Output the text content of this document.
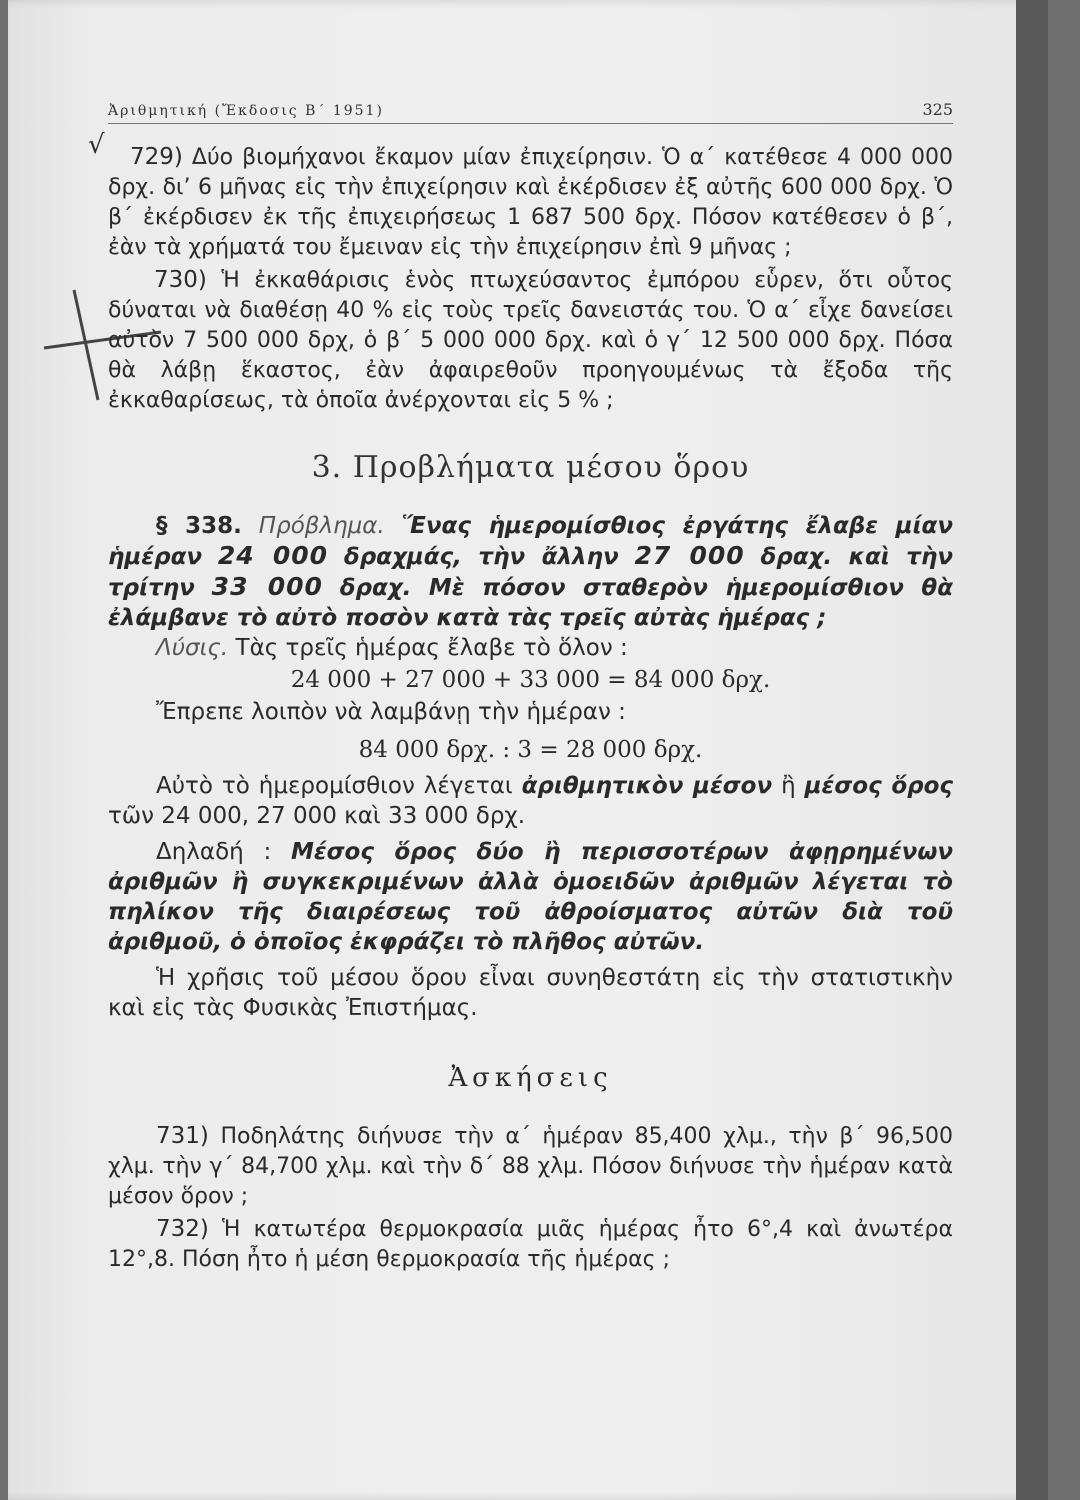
Ἀριθμητική (Ἔκδοσις Β΄ 1951)	325

√ 729) Δύο βιομήχανοι ἔκαμον μίαν ἐπιχείρησιν. Ὁ α΄ κατέθεσε 4 000 000 δρχ. δι’ 6 μῆνας εἰς τὴν ἐπιχείρησιν καὶ ἐκέρδισεν ἐξ αὐτῆς 600 000 δρχ. Ὁ β΄ ἐκέρδισεν ἐκ τῆς ἐπιχειρήσεως 1 687 500 δρχ. Πόσον κατέθεσεν ὁ β΄, ἐὰν τὰ χρήματά του ἔμειναν εἰς τὴν ἐπιχείρησιν ἐπὶ 9 μῆνας ;

730) Ἡ ἐκκαθάρισις ἑνὸς πτωχεύσαντος ἐμπόρου εὗρεν, ὅτι οὗτος δύναται νὰ διαθέσῃ 40 % εἰς τοὺς τρεῖς δανειστάς του. Ὁ α΄ εἶχε δανείσει αὐτὸν 7 500 000 δρχ, ὁ β΄ 5 000 000 δρχ. καὶ ὁ γ΄ 12 500 000 δρχ. Πόσα θὰ λάβῃ ἕκαστος, ἐὰν ἀφαιρεθοῦν προηγουμένως τὰ ἔξοδα τῆς ἐκκαθαρίσεως, τὰ ὁποῖα ἀνέρχονται εἰς 5 % ;

3. Προβλήματα μέσου ὅρου

§ 338. Πρόβλημα. Ἕνας ἡμερομίσθιος ἐργάτης ἔλαβε μίαν ἡμέραν 24 000 δραχμάς, τὴν ἄλλην 27 000 δραχ. καὶ τὴν τρίτην 33 000 δραχ. Μὲ πόσον σταθερὸν ἡμερομίσθιον θὰ ἐλάμβανε τὸ αὐτὸ ποσὸν κατὰ τὰς τρεῖς αὐτὰς ἡμέρας ;

Λύσις. Τὰς τρεῖς ἡμέρας ἔλαβε τὸ ὅλον :

24 000 + 27 000 + 33 000 = 84 000 δρχ.

Ἔπρεπε λοιπὸν νὰ λαμβάνῃ τὴν ἡμέραν :

84 000 δρχ. : 3 = 28 000 δρχ.

Αὐτὸ τὸ ἡμερομίσθιον λέγεται ἀριθμητικὸν μέσον ἢ μέσος ὅρος τῶν 24 000, 27 000 καὶ 33 000 δρχ.

Δηλαδή : Μέσος ὅρος δύο ἢ περισσοτέρων ἀφῃρημένων ἀριθμῶν ἢ συγκεκριμένων ἀλλὰ ὁμοειδῶν ἀριθμῶν λέγεται τὸ πηλίκον τῆς διαιρέσεως τοῦ ἀθροίσματος αὐτῶν διὰ τοῦ ἀριθμοῦ, ὁ ὁποῖος ἐκφράζει τὸ πλῆθος αὐτῶν.

Ἡ χρῆσις τοῦ μέσου ὅρου εἶναι συνηθεστάτη εἰς τὴν στατιστικὴν καὶ εἰς τὰς Φυσικὰς Ἐπιστήμας.

Ἀσκήσεις

731) Ποδηλάτης διήνυσε τὴν α΄ ἡμέραν 85,400 χλμ., τὴν β΄ 96,500 χλμ. τὴν γ΄ 84,700 χλμ. καὶ τὴν δ΄ 88 χλμ. Πόσον διήνυσε τὴν ἡμέραν κατὰ μέσον ὅρον ;

732) Ἡ κατωτέρα θερμοκρασία μιᾶς ἡμέρας ἦτο 6°,4 καὶ ἀνωτέρα 12°,8. Πόση ἦτο ἡ μέση θερμοκρασία τῆς ἡμέρας ;
